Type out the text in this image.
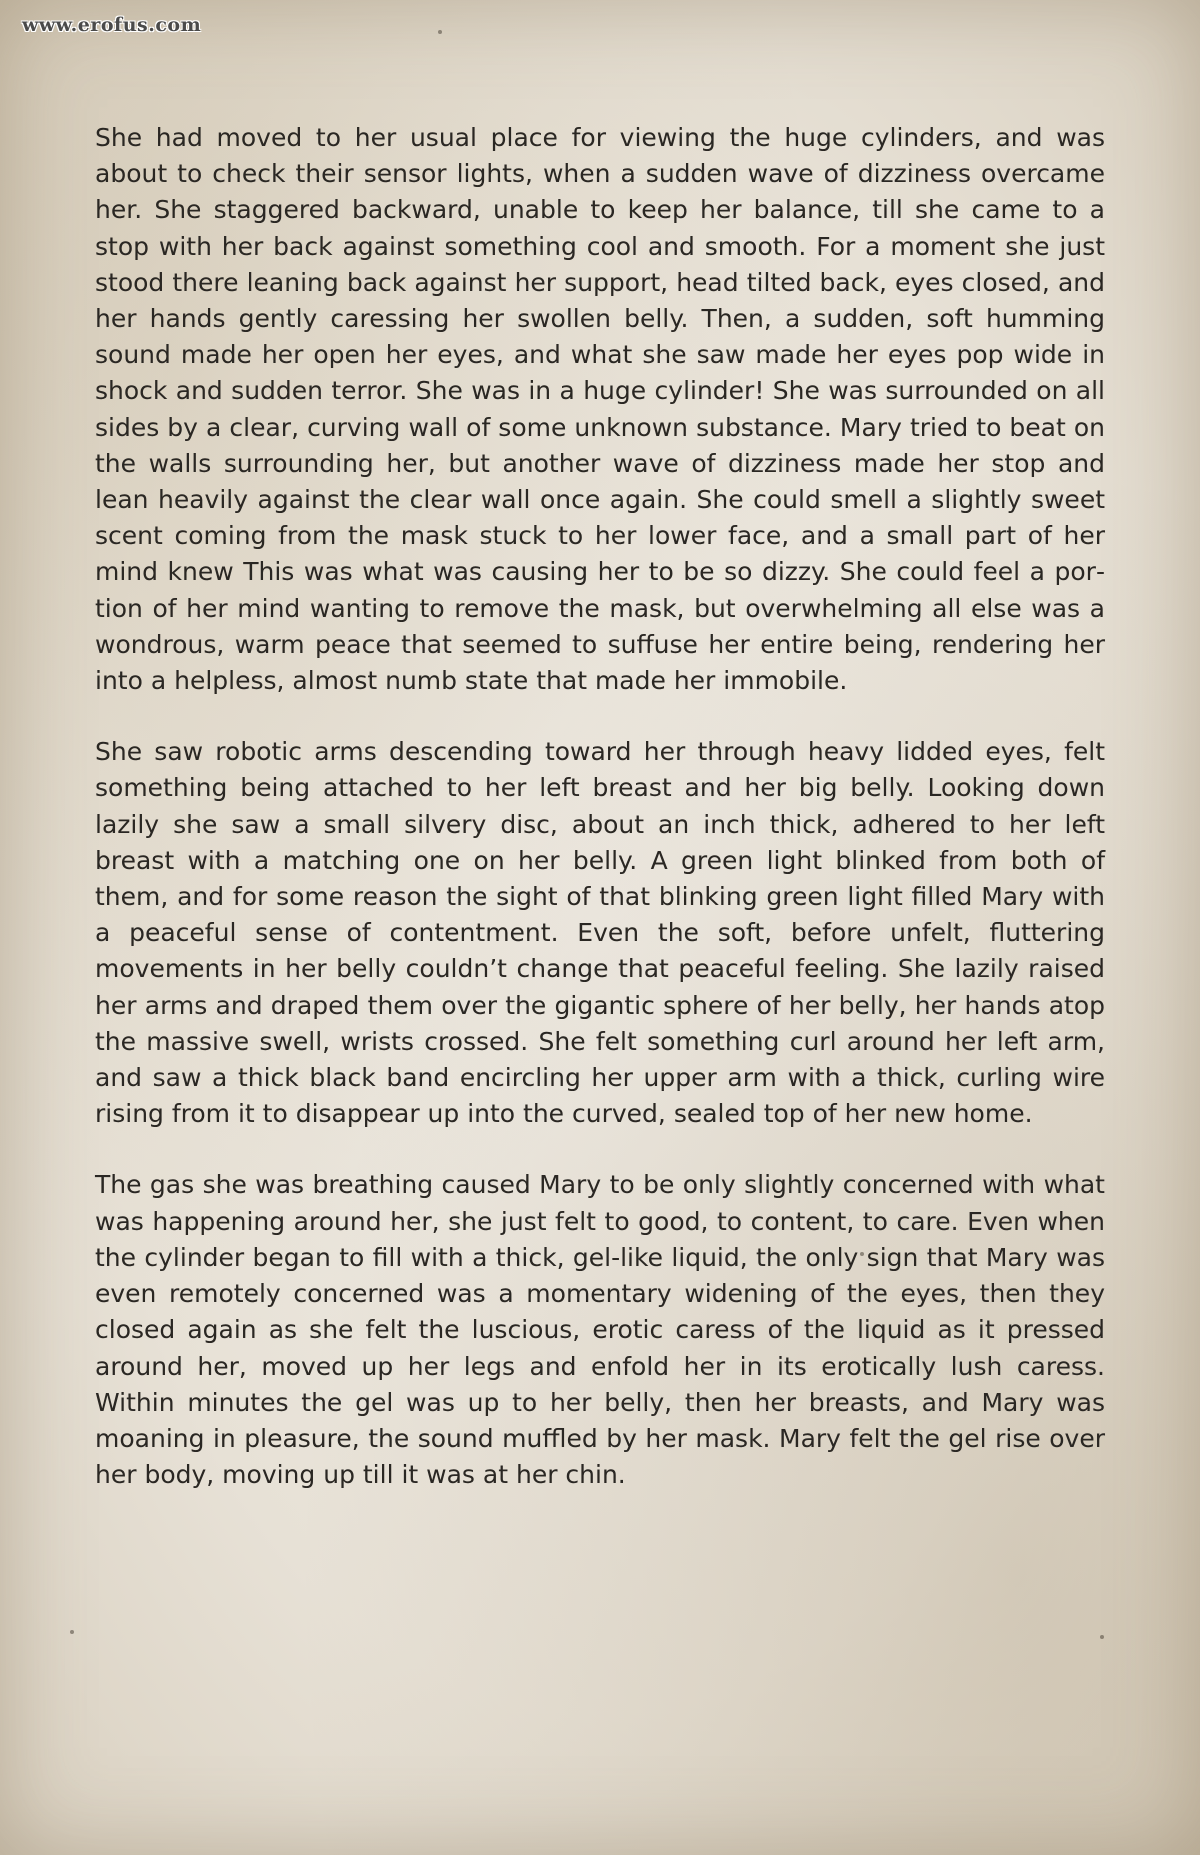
www.erofus.com

She had moved to her usual place for viewing the huge cylinders, and was about to check their sensor lights, when a sudden wave of dizziness overcame her. She staggered backward, unable to keep her balance, till she came to a stop with her back against something cool and smooth. For a moment she just stood there leaning back against her support, head tilted back, eyes closed, and her hands gently caressing her swollen belly. Then, a sudden, soft humming sound made her open her eyes, and what she saw made her eyes pop wide in shock and sudden terror. She was in a huge cylinder! She was surrounded on all sides by a clear, curving wall of some unknown substance. Mary tried to beat on the walls surrounding her, but another wave of dizziness made her stop and lean heavily against the clear wall once again. She could smell a slightly sweet scent coming from the mask stuck to her lower face, and a small part of her mind knew This was what was causing her to be so dizzy. She could feel a portion of her mind wanting to remove the mask, but overwhelming all else was a wondrous, warm peace that seemed to suffuse her entire being, rendering her into a helpless, almost numb state that made her immobile.

She saw robotic arms descending toward her through heavy lidded eyes, felt something being attached to her left breast and her big belly. Looking down lazily she saw a small silvery disc, about an inch thick, adhered to her left breast with a matching one on her belly. A green light blinked from both of them, and for some reason the sight of that blinking green light filled Mary with a peaceful sense of contentment. Even the soft, before unfelt, fluttering movements in her belly couldn’t change that peaceful feeling. She lazily raised her arms and draped them over the gigantic sphere of her belly, her hands atop the massive swell, wrists crossed. She felt something curl around her left arm, and saw a thick black band encircling her upper arm with a thick, curling wire rising from it to disappear up into the curved, sealed top of her new home.

The gas she was breathing caused Mary to be only slightly concerned with what was happening around her, she just felt to good, to content, to care. Even when the cylinder began to fill with a thick, gel-like liquid, the only sign that Mary was even remotely concerned was a momentary widening of the eyes, then they closed again as she felt the luscious, erotic caress of the liquid as it pressed around her, moved up her legs and enfold her in its erotically lush caress. Within minutes the gel was up to her belly, then her breasts, and Mary was moaning in pleasure, the sound muffled by her mask. Mary felt the gel rise over her body, moving up till it was at her chin.
